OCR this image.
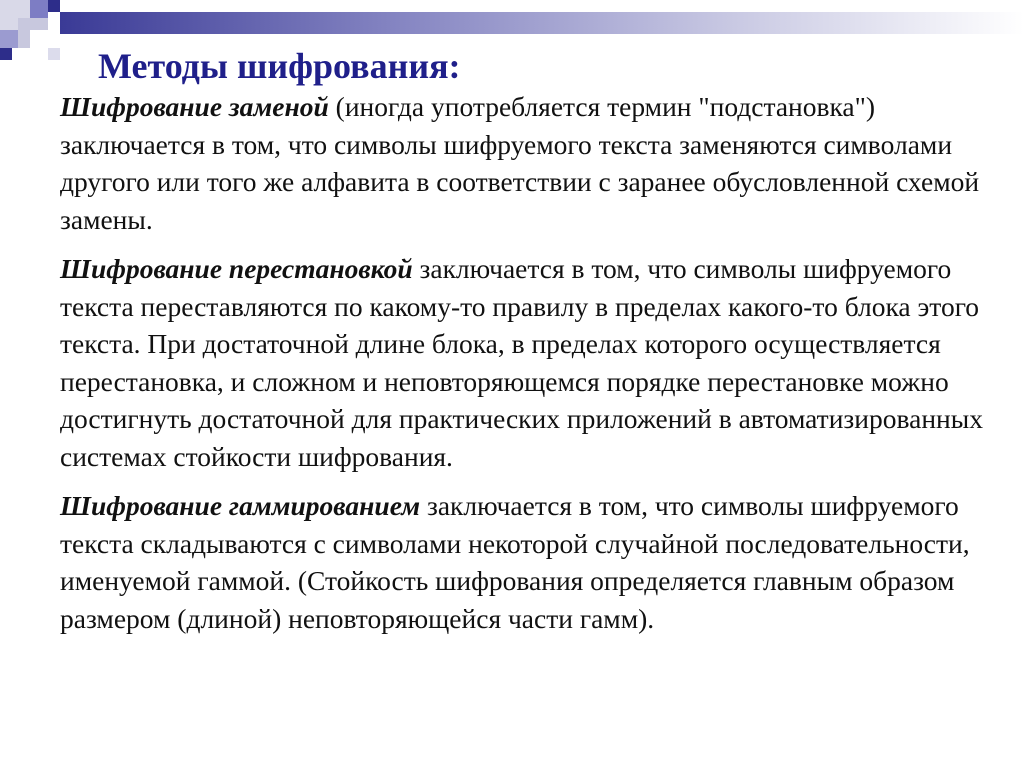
Методы шифрования:

Шифрование заменой (иногда употребляется термин "подстановка") заключается в том, что символы шифруемого текста заменяются символами другого или того же алфавита в соответствии с заранее обусловленной схемой замены.

Шифрование перестановкой заключается в том, что символы шифруемого текста переставляются по какому-то правилу в пределах какого-то блока этого текста. При достаточной длине блока, в пределах которого осуществляется перестановка, и сложном и неповторяющемся порядке перестановке можно достигнуть достаточной для практических приложений в автоматизированных системах стойкости шифрования.

Шифрование гаммированием заключается в том, что символы шифруемого текста складываются с символами некоторой случайной последовательности, именуемой гаммой. (Стойкость шифрования определяется главным образом размером (длиной) неповторяющейся части гамм).
